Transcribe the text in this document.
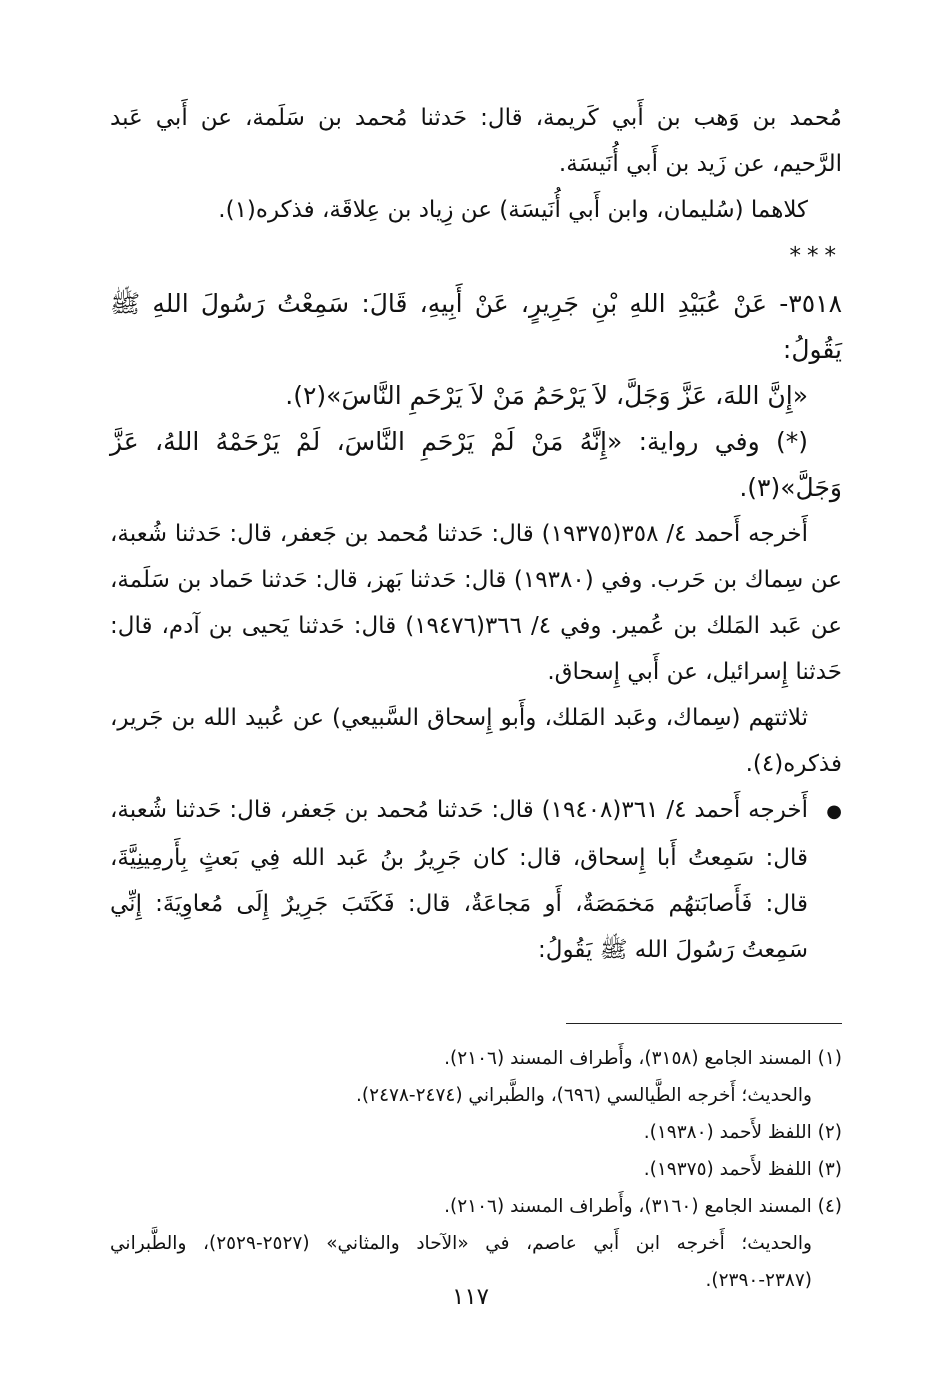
مُحمد بن وَهب بن أَبي كَريمة، قال: حَدثنا مُحمد بن سَلَمة، عن أَبي عَبد الرَّحيم، عن زَيد بن أَبي أُنَيسَة.

كلاهما (سُليمان، وابن أَبي أُنَيسَة) عن زِياد بن عِلاقَة، فذكره(١).

***

٣٥١٨- عَنْ عُبَيْدِ اللهِ بْنِ جَرِيرٍ، عَنْ أَبِيهِ، قَالَ: سَمِعْتُ رَسُولَ اللهِ ﷺ يَقُولُ:

«إِنَّ اللهَ، عَزَّ وَجَلَّ، لاَ يَرْحَمُ مَنْ لاَ يَرْحَمِ النَّاسَ»(٢).

(*) وفي رواية: «إِنَّهُ مَنْ لَمْ يَرْحَمِ النَّاسَ، لَمْ يَرْحَمْهُ اللهُ، عَزَّ وَجَلَّ»(٣).

أَخرجه أَحمد ٤/ ٣٥٨(١٩٣٧٥) قال: حَدثنا مُحمد بن جَعفر، قال: حَدثنا شُعبة، عن سِماك بن حَرب. وفي (١٩٣٨٠) قال: حَدثنا بَهز، قال: حَدثنا حَماد بن سَلَمة، عن عَبد المَلك بن عُمير. وفي ٤/ ٣٦٦(١٩٤٧٦) قال: حَدثنا يَحيى بن آدم، قال: حَدثنا إِسرائيل، عن أَبي إِسحاق.

ثلاثتهم (سِماك، وعَبد المَلك، وأَبو إِسحاق السَّبيعي) عن عُبيد الله بن جَرير، فذكره(٤).

●أَخرجه أَحمد ٤/ ٣٦١(١٩٤٠٨) قال: حَدثنا مُحمد بن جَعفر، قال: حَدثنا شُعبة، قال: سَمِعتُ أَبا إِسحاق، قال: كان جَرِيرُ بنُ عَبد الله فِي بَعثٍ بِأَرمِينِيَّةَ، قال: فَأَصابَتهُم مَخمَصَةٌ، أَو مَجاعَةٌ، قال: فَكَتَبَ جَرِيرٌ إِلَى مُعاوِيَةَ: إِنِّي سَمِعتُ رَسُولَ الله ﷺ يَقُولُ:

(١) المسند الجامع (٣١٥٨)، وأَطراف المسند (٢١٠٦).

والحديث؛ أَخرجه الطَّيالسي (٦٩٦)، والطَّبراني (٢٤٧٤-٢٤٧٨).

(٢) اللفظ لأَحمد (١٩٣٨٠).

(٣) اللفظ لأَحمد (١٩٣٧٥).

(٤) المسند الجامع (٣١٦٠)، وأَطراف المسند (٢١٠٦).

والحديث؛ أَخرجه ابن أَبي عاصم، في «الآحاد والمثاني» (٢٥٢٧-٢٥٢٩)، والطَّبراني (٢٣٨٧-٢٣٩٠).

١١٧
